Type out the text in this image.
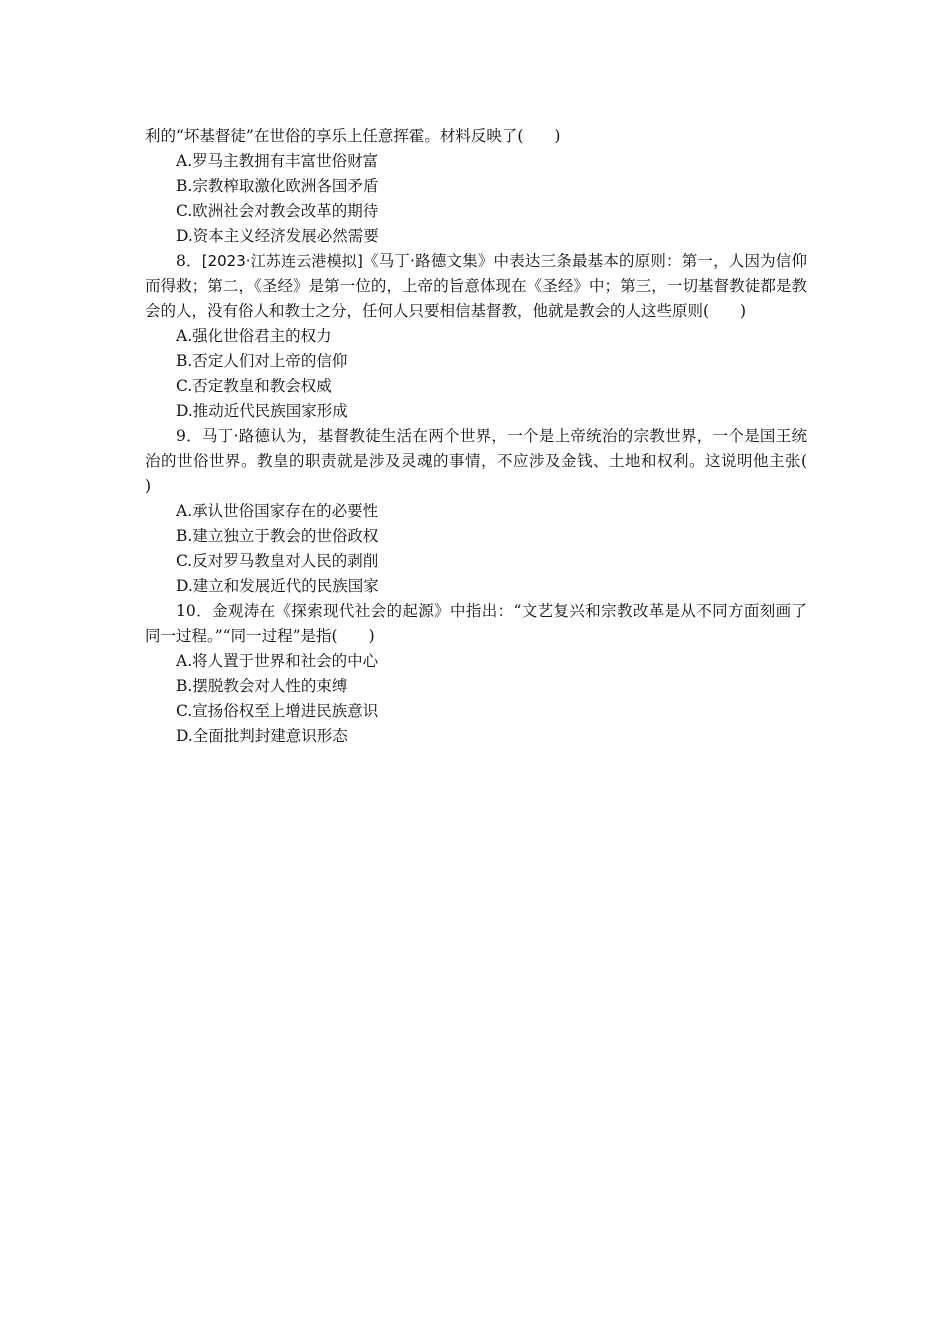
利的“坏基督徒”在世俗的享乐上任意挥霍。材料反映了(　　)
A.罗马主教拥有丰富世俗财富
B.宗教榨取激化欧洲各国矛盾
C.欧洲社会对教会改革的期待
D.资本主义经济发展必然需要
8．[2023·江苏连云港模拟]《马丁·路德文集》中表达三条最基本的原则：第一，人因为信仰而得救；第二，《圣经》是第一位的，上帝的旨意体现在《圣经》中；第三，一切基督教徒都是教会的人，没有俗人和教士之分，任何人只要相信基督教，他就是教会的人这些原则(　　)
A.强化世俗君主的权力
B.否定人们对上帝的信仰
C.否定教皇和教会权威
D.推动近代民族国家形成
9．马丁·路德认为，基督教徒生活在两个世界，一个是上帝统治的宗教世界，一个是国王统治的世俗世界。教皇的职责就是涉及灵魂的事情，不应涉及金钱、土地和权利。这说明他主张(　　)
A.承认世俗国家存在的必要性
B.建立独立于教会的世俗政权
C.反对罗马教皇对人民的剥削
D.建立和发展近代的民族国家
10．金观涛在《探索现代社会的起源》中指出：“文艺复兴和宗教改革是从不同方面刻画了同一过程。”“同一过程”是指(　　)
A.将人置于世界和社会的中心
B.摆脱教会对人性的束缚
C.宣扬俗权至上增进民族意识
D.全面批判封建意识形态
